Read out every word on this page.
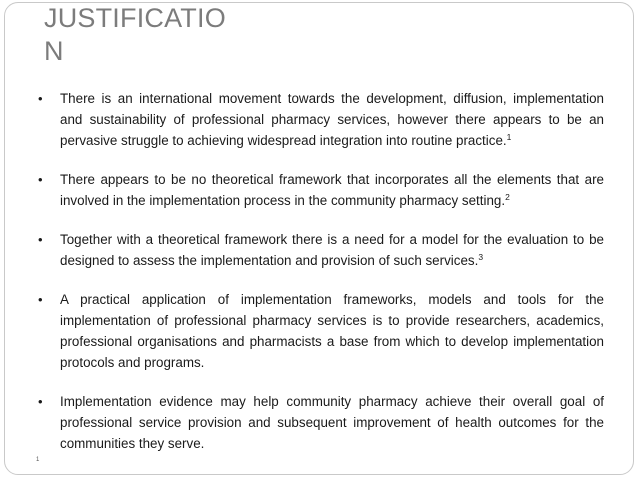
JUSTIFICATIO
N
• There is an international movement towards the development, diffusion, implementation and sustainability of professional pharmacy services, however there appears to be an pervasive struggle to achieving widespread integration into routine practice.$^1$
• There appears to be no theoretical framework that incorporates all the elements that are involved in the implementation process in the community pharmacy setting.$^2$
• Together with a theoretical framework there is a need for a model for the evaluation to be designed to assess the implementation and provision of such services.$^3$
• A practical application of implementation frameworks, models and tools for the implementation of professional pharmacy services is to provide researchers, academics, professional organisations and pharmacists a base from which to develop implementation protocols and programs.
• Implementation evidence may help community pharmacy achieve their overall goal of professional service provision and subsequent improvement of health outcomes for the communities they serve.
1
